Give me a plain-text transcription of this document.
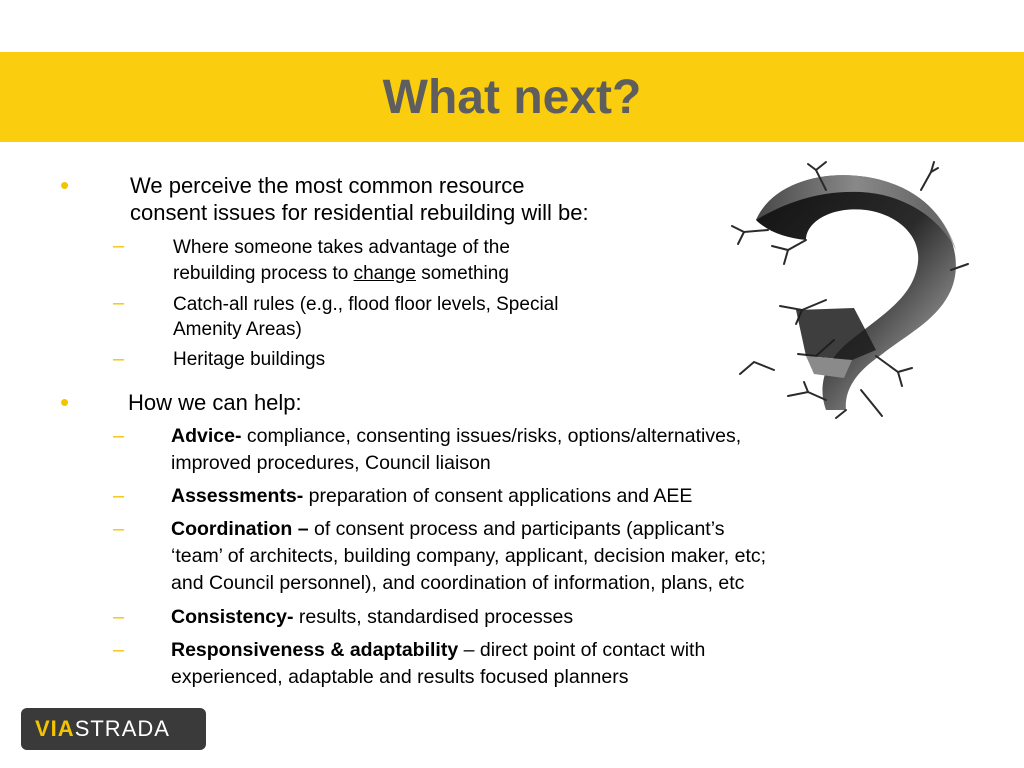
What next?
•	We perceive the most common resource
consent issues for residential rebuilding will be:
–	Where someone takes advantage of the
rebuilding process to change something
–	Catch-all rules (e.g., flood floor levels, Special
Amenity Areas)
–	Heritage buildings
•	How we can help:
– Advice- compliance, consenting issues/risks, options/alternatives,
improved procedures, Council liaison
– Assessments- preparation of consent applications and AEE
– Coordination – of consent process and participants (applicant’s
‘team’ of architects, building company, applicant, decision maker, etc;
and Council personnel), and coordination of information, plans, etc
– Consistency- results, standardised processes
– Responsiveness & adaptability – direct point of contact with
experienced, adaptable and results focused planners
VIASTRADA
